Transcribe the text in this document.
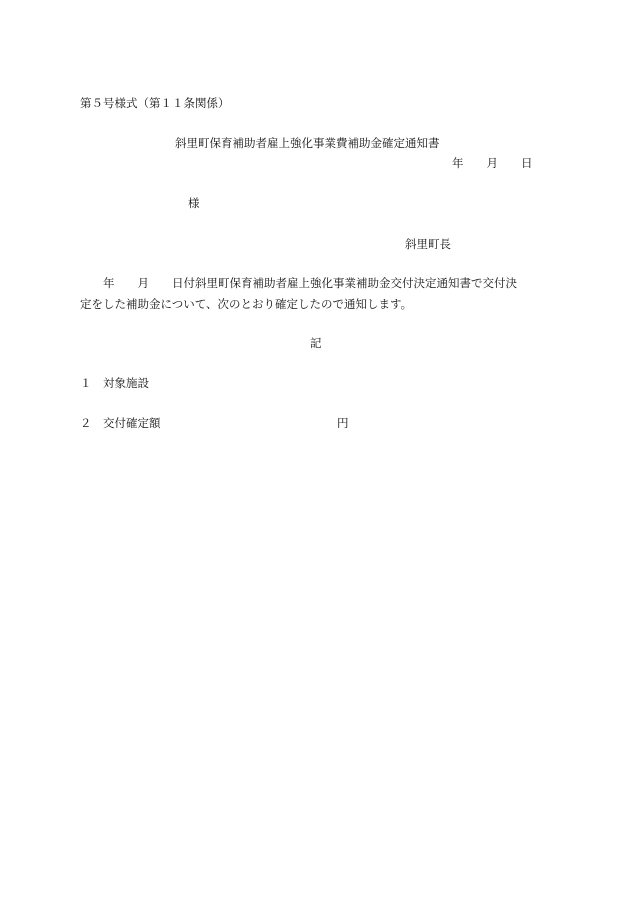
第５号様式（第１１条関係）
斜里町保育補助者雇上強化事業費補助金確定通知書
年　　月　　日
様
斜里町長
　　年　　月　　日付斜里町保育補助者雇上強化事業補助金交付決定通知書で交付決
定をした補助金について、次のとおり確定したので通知します。
記
１　対象施設
２　交付確定額	円
